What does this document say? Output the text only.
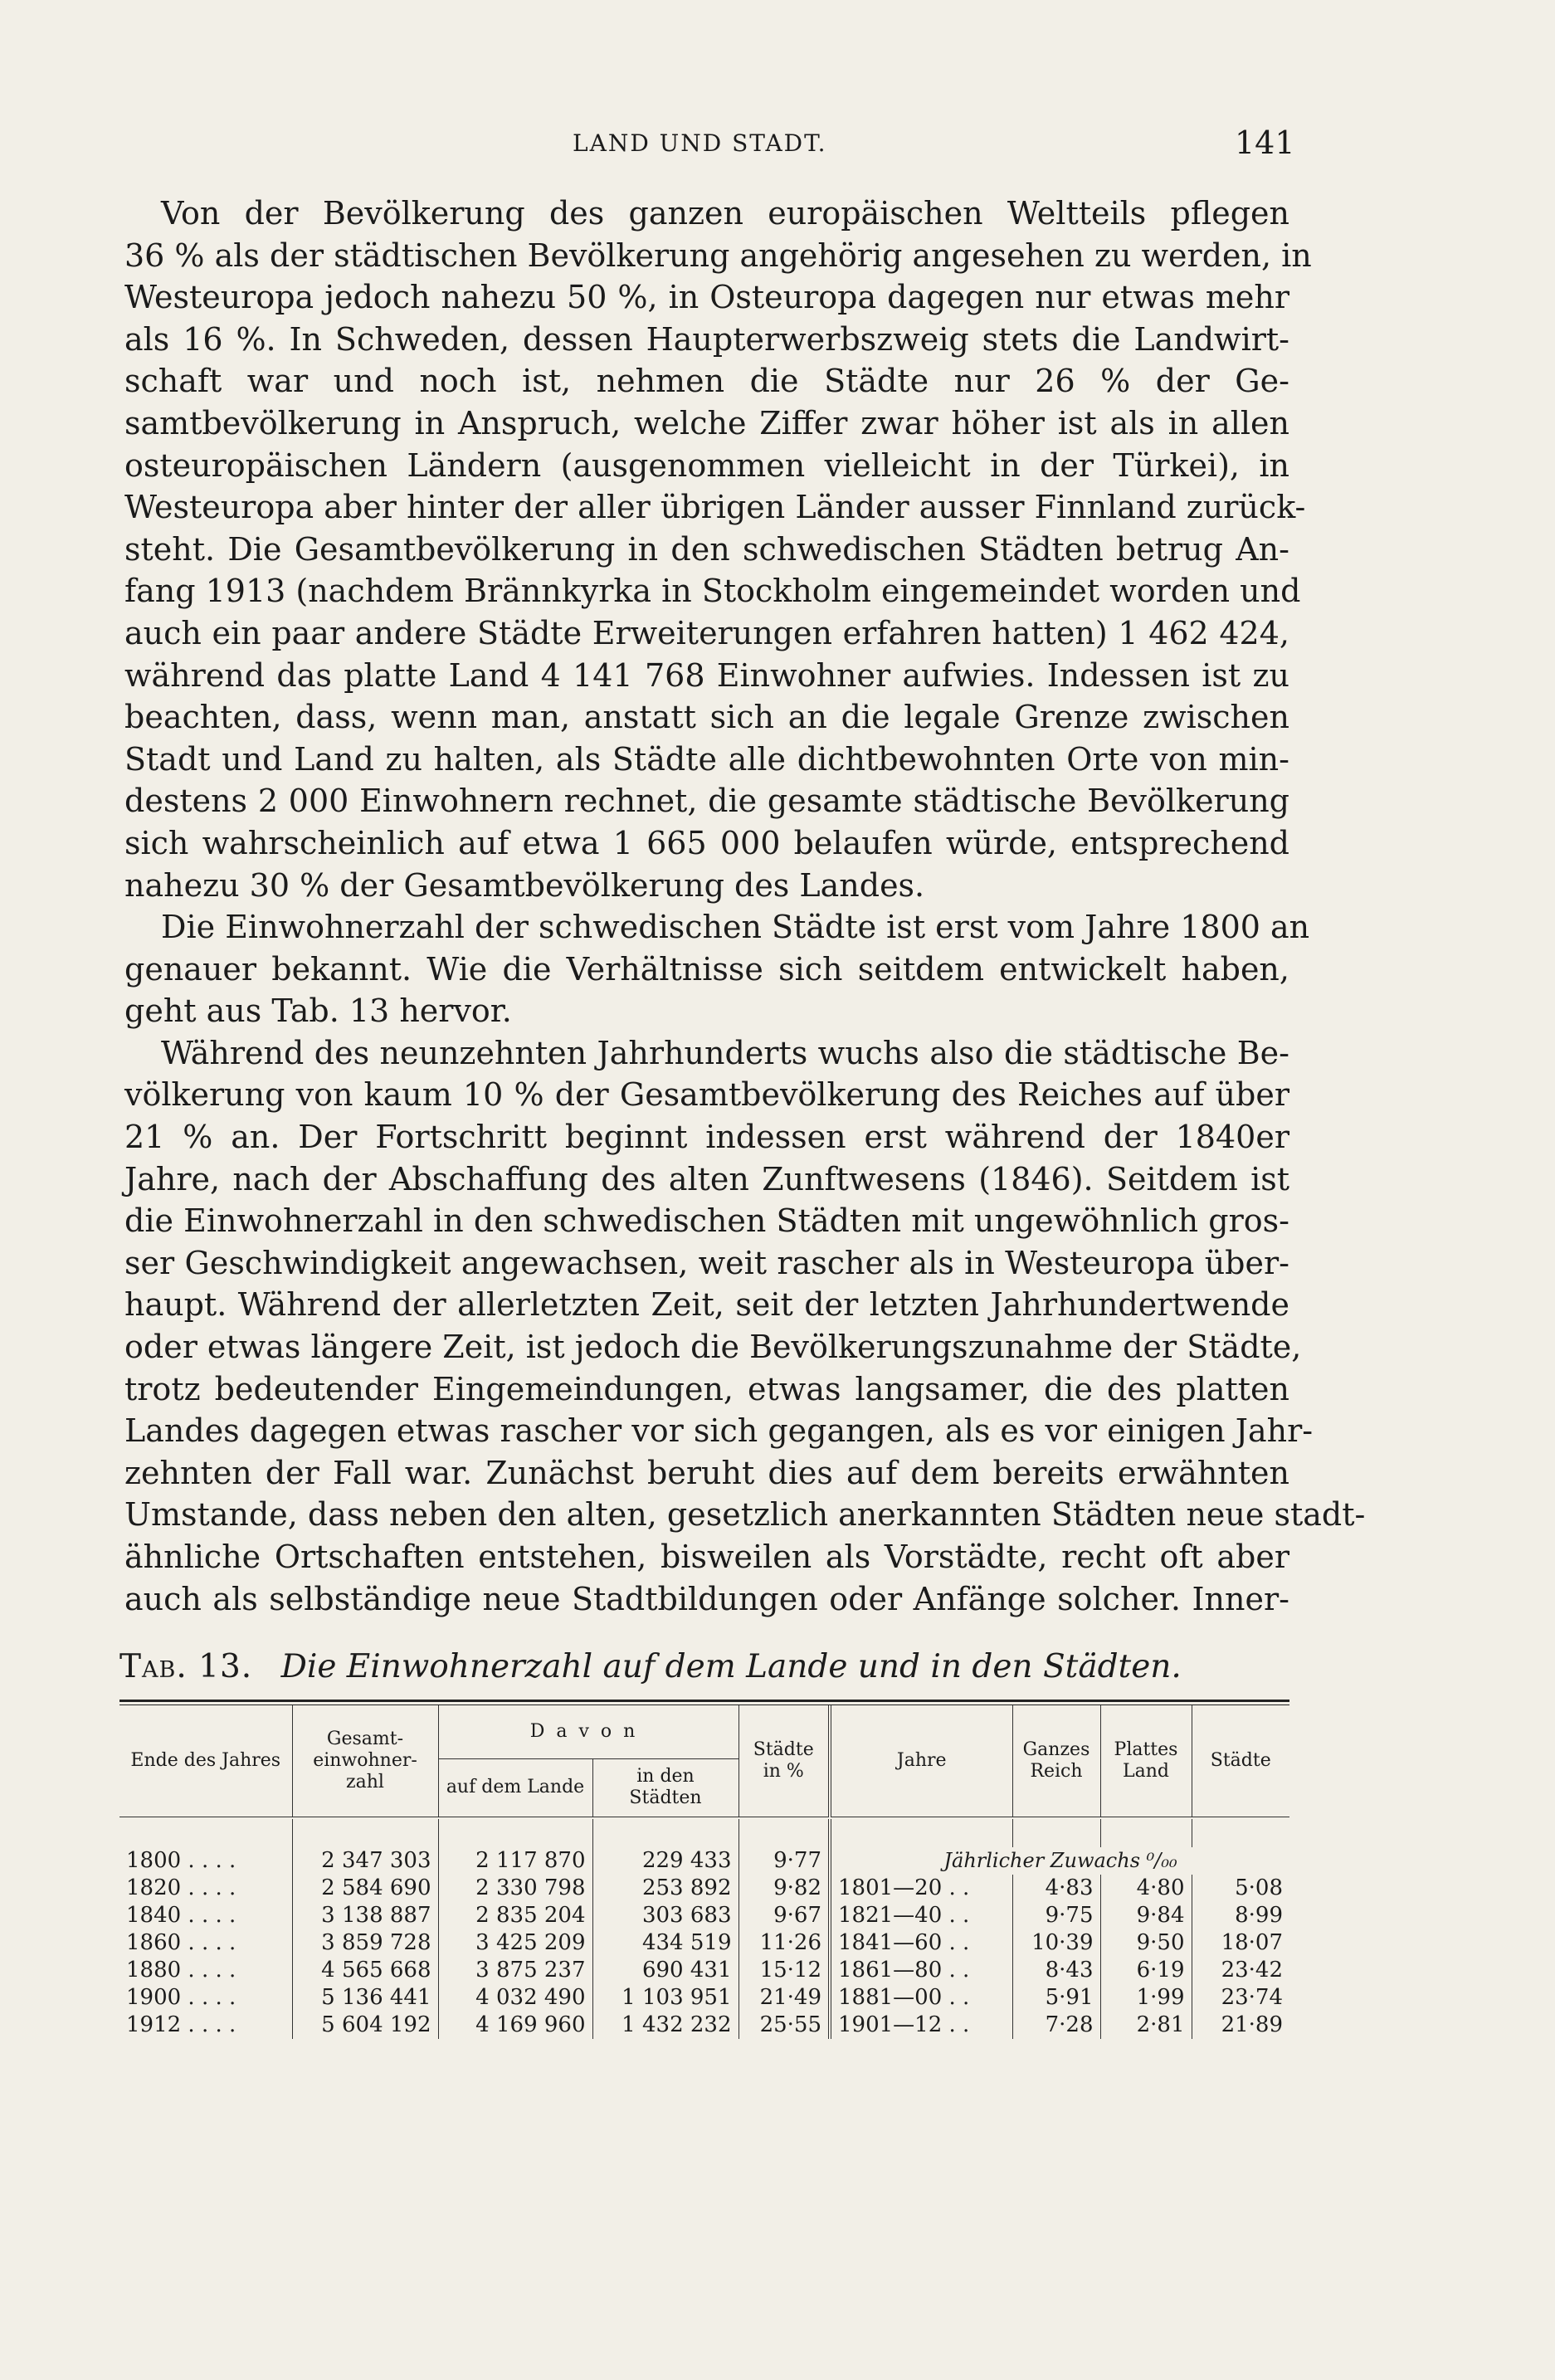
LAND UND STADT.	141
Von der Bevölkerung des ganzen europäischen Weltteils pflegen
36 % als der städtischen Bevölkerung angehörig angesehen zu werden, in
Westeuropa jedoch nahezu 50 %, in Osteuropa dagegen nur etwas mehr
als 16 %. In Schweden, dessen Haupterwerbszweig stets die Landwirt-
schaft war und noch ist, nehmen die Städte nur 26 % der Ge-
samtbevölkerung in Anspruch, welche Ziffer zwar höher ist als in allen
osteuropäischen Ländern (ausgenommen vielleicht in der Türkei), in
Westeuropa aber hinter der aller übrigen Länder ausser Finnland zurück-
steht. Die Gesamtbevölkerung in den schwedischen Städten betrug An-
fang 1913 (nachdem Brännkyrka in Stockholm eingemeindet worden und
auch ein paar andere Städte Erweiterungen erfahren hatten) 1 462 424,
während das platte Land 4 141 768 Einwohner aufwies. Indessen ist zu
beachten, dass, wenn man, anstatt sich an die legale Grenze zwischen
Stadt und Land zu halten, als Städte alle dichtbewohnten Orte von min-
destens 2 000 Einwohnern rechnet, die gesamte städtische Bevölkerung
sich wahrscheinlich auf etwa 1 665 000 belaufen würde, entsprechend
nahezu 30 % der Gesamtbevölkerung des Landes.
Die Einwohnerzahl der schwedischen Städte ist erst vom Jahre 1800 an
genauer bekannt. Wie die Verhältnisse sich seitdem entwickelt haben,
geht aus Tab. 13 hervor.
Während des neunzehnten Jahrhunderts wuchs also die städtische Be-
völkerung von kaum 10 % der Gesamtbevölkerung des Reiches auf über
21 % an. Der Fortschritt beginnt indessen erst während der 1840er
Jahre, nach der Abschaffung des alten Zunftwesens (1846). Seitdem ist
die Einwohnerzahl in den schwedischen Städten mit ungewöhnlich gros-
ser Geschwindigkeit angewachsen, weit rascher als in Westeuropa über-
haupt. Während der allerletzten Zeit, seit der letzten Jahrhundertwende
oder etwas längere Zeit, ist jedoch die Bevölkerungszunahme der Städte,
trotz bedeutender Eingemeindungen, etwas langsamer, die des platten
Landes dagegen etwas rascher vor sich gegangen, als es vor einigen Jahr-
zehnten der Fall war. Zunächst beruht dies auf dem bereits erwähnten
Umstande, dass neben den alten, gesetzlich anerkannten Städten neue stadt-
ähnliche Ortschaften entstehen, bisweilen als Vorstädte, recht oft aber
auch als selbständige neue Stadtbildungen oder Anfänge solcher. Inner-
Tab. 13. Die Einwohnerzahl auf dem Lande und in den Städten.
Ende des Jahres	Gesamt-einwohner-zahl	Davon		Städte in %	Jahre	Ganzes Reich	Plattes Land	Städte
		auf dem Lande	in den Städten					

1800 . . . .	2 347 303	2 117 870	229 433	9·77	Jährlicher Zuwachs ⁰/₀₀			
1820 . . . .	2 584 690	2 330 798	253 892	9·82	1801—20 . .	4·83	4·80	5·08
1840 . . . .	3 138 887	2 835 204	303 683	9·67	1821—40 . .	9·75	9·84	8·99
1860 . . . .	3 859 728	3 425 209	434 519	11·26	1841—60 . .	10·39	9·50	18·07
1880 . . . .	4 565 668	3 875 237	690 431	15·12	1861—80 . .	8·43	6·19	23·42
1900 . . . .	5 136 441	4 032 490	1 103 951	21·49	1881—00 . .	5·91	1·99	23·74
1912 . . . .	5 604 192	4 169 960	1 432 232	25·55	1901—12 . .	7·28	2·81	21·89
